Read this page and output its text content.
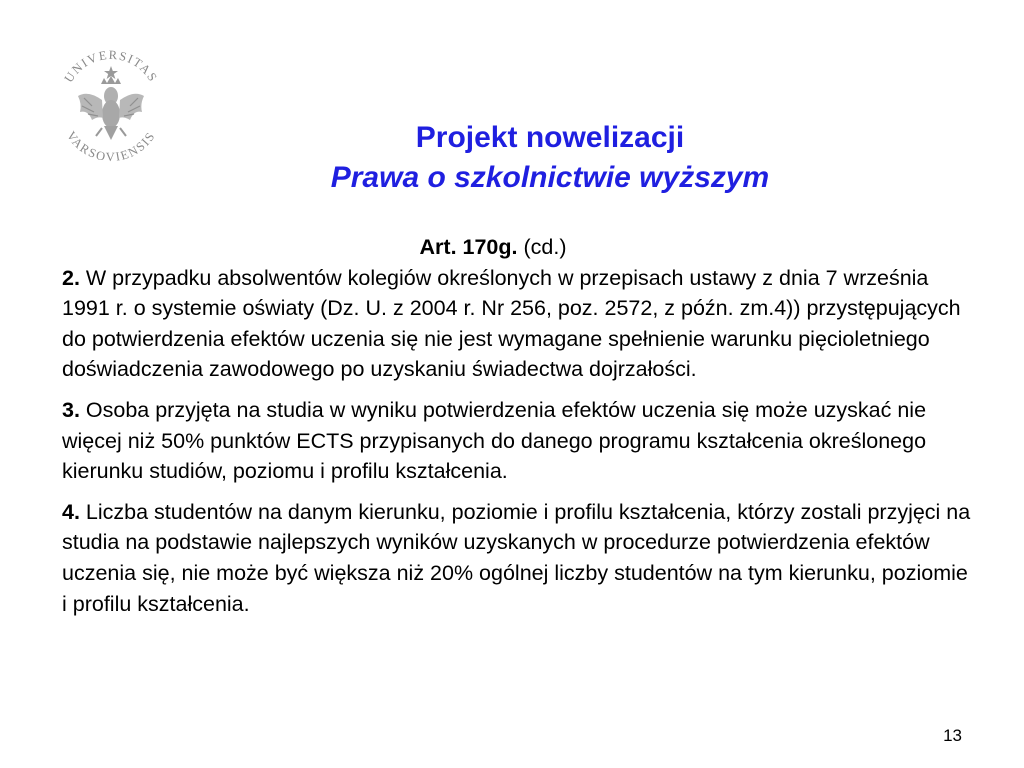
UNIVERSITAS
VARSOVIENSIS	Projekt nowelizacji
Prawa o szkolnictwie wyższym
Art. 170g. (cd.)
2. W przypadku absolwentów kolegiów określonych w przepisach ustawy z dnia 7 września 1991 r. o systemie oświaty (Dz. U. z 2004 r. Nr 256, poz. 2572, z późn. zm.4)) przystępujących do potwierdzenia efektów uczenia się nie jest wymagane spełnienie warunku pięcioletniego doświadczenia zawodowego po uzyskaniu świadectwa dojrzałości.
3. Osoba przyjęta na studia w wyniku potwierdzenia efektów uczenia się może uzyskać nie więcej niż 50% punktów ECTS przypisanych do danego programu kształcenia określonego kierunku studiów, poziomu i profilu kształcenia.
4. Liczba studentów na danym kierunku, poziomie i profilu kształcenia, którzy zostali przyjęci na studia na podstawie najlepszych wyników uzyskanych w procedurze potwierdzenia efektów uczenia się, nie może być większa niż 20% ogólnej liczby studentów na tym kierunku, poziomie i profilu kształcenia.
13
